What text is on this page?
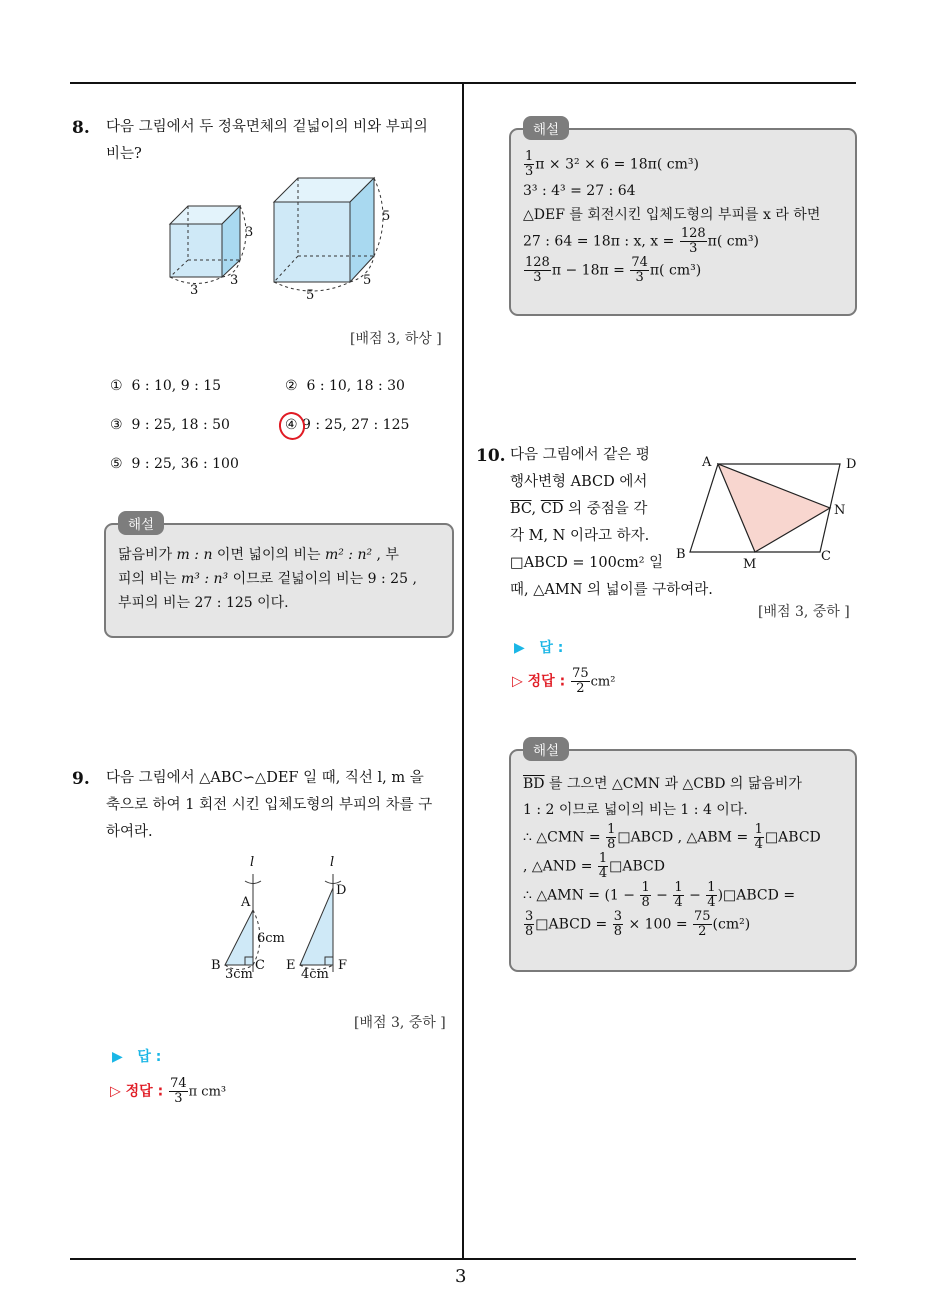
3
8. 다음 그림에서 두 정육면체의 겉넓이의 비와 부피의
비는?
3
3
3
5
5
5
[배점 3, 하상 ]
① 6 : 10, 9 : 15	② 6 : 10, 18 : 30
③ 9 : 25, 18 : 50	④ 9 : 25, 27 : 125
⑤ 9 : 25, 36 : 100
닮음비가 m : n 이면 넓이의 비는 m² : n² , 부
피의 비는 m³ : n³ 이므로 겉넓이의 비는 9 : 25 ,
부피의 비는 27 : 125 이다.
해설
9. 다음 그림에서 △ABC∽△DEF 일 때, 직선 l, m 을
축으로 하여 1 회전 시킨 입체도형의 부피의 차를 구
하여라.
l
A
B	C
6cm
3cm
l
D
E	F
4cm
[배점 3, 중하 ]
▶ 답 :
▷ 정답 : $\frac{74}{3}$ π cm³
$\frac{1}{3}$ π × 3² × 6 = 18π( cm³)
3³ : 4³ = 27 : 64
△DEF 를 회전시킨 입체도형의 부피를 x 라 하면
27 : 64 = 18π : x, $x = \frac{128}{3} \pi$( cm³)
$\frac{128}{3}$ $\pi - 18\pi = \frac{74}{3} \pi$( cm³)
해설
10. 다음 그림에서 같은 평
행사변형 ABCD 에서
$\overline{BC}$, $\overline{CD}$ 의 중점을 각
각 M, N 이라고 하자.
□ABCD = 100cm² 일
때, △AMN 의 넓이를 구하여라.
A	D
B	C
M
N
[배점 3, 중하 ]
▶ 답 :
▷ 정답 : $\frac{75}{2} cm^2$
$\overline{BD}$ 를 그으면 △CMN 과 △CBD 의 닮음비가
1 : 2 이므로 넓이의 비는 1 : 4 이다.
∴ △CMN = $\frac{1}{8}$ □ABCD , △ABM = $\frac{1}{4}$ □ABCD
, △AND = $\frac{1}{4}$ □ABCD
∴ △AMN = ($1 - \frac{1}{8} - \frac{1}{4} - \frac{1}{4}$ )□ABCD =
$\frac{3}{8}$ □ABCD = $\frac{3}{8} \times 100 = \frac{75}{2} (cm^2)$
해설
